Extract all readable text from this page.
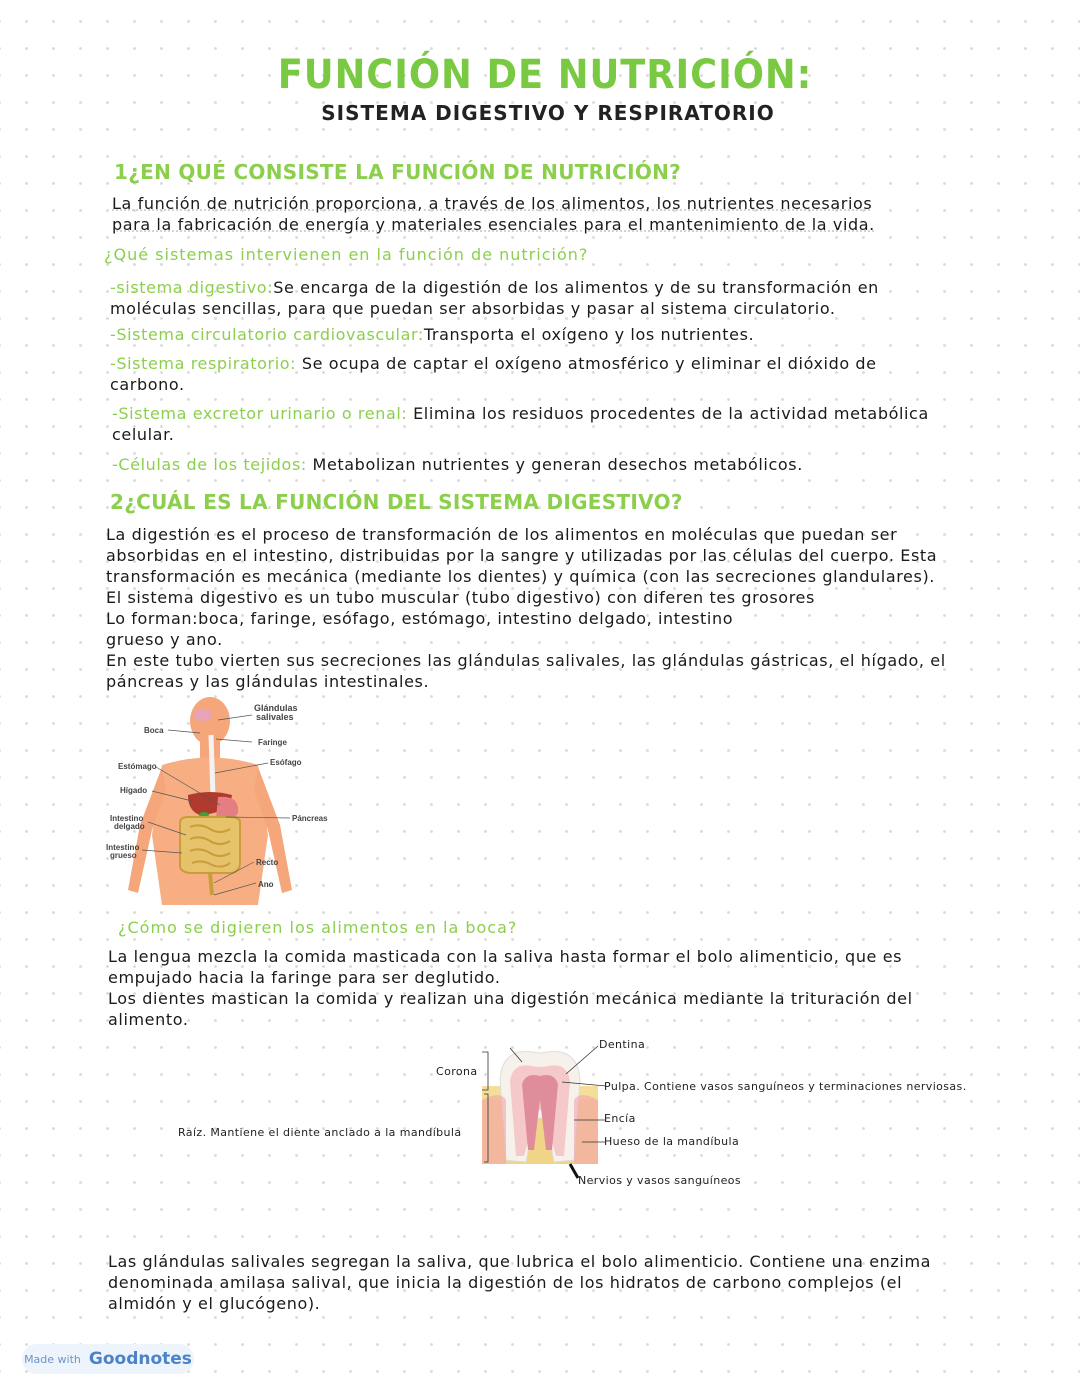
FUNCIÓN DE NUTRICIÓN:
SISTEMA DIGESTIVO Y RESPIRATORIO
1¿EN QUÉ CONSISTE LA FUNCIÓN DE NUTRICIÓN?
La función de nutrición proporciona, a través de los alimentos, los nutrientes necesarios
para la fabricación de energía y materiales esenciales para el mantenimiento de la vida.
¿Qué sistemas intervienen en la función de nutrición?
-sistema digestivo:Se encarga de la digestión de los alimentos y de su transformación en
moléculas sencillas, para que puedan ser absorbidas y pasar al sistema circulatorio.
-Sistema circulatorio cardiovascular:Transporta el oxígeno y los nutrientes.
-Sistema respiratorio: Se ocupa de captar el oxígeno atmosférico y eliminar el dióxido de
carbono.
-Sistema excretor urinario o renal: Elimina los residuos procedentes de la actividad metabólica
celular.
-Células de los tejidos: Metabolizan nutrientes y generan desechos metabólicos.
2¿CUÁL ES LA FUNCIÓN DEL SISTEMA DIGESTIVO?
La digestión es el proceso de transformación de los alimentos en moléculas que puedan ser
absorbidas en el intestino, distribuidas por la sangre y utilizadas por las células del cuerpo. Esta
transformación es mecánica (mediante los dientes) y química (con las secreciones glandulares).
El sistema digestivo es un tubo muscular (tubo digestivo) con diferen tes grosores
Lo forman:boca, faringe, esófago, estómago, intestino delgado, intestino
grueso y ano.
En este tubo vierten sus secreciones las glándulas salivales, las glándulas gástricas, el hígado, el
páncreas y las glándulas intestinales.
Glándulas salivales
Boca
Faringe
Esófago
Estómago
Hígado
Páncreas
Intestino delgado
Intestino grueso
Recto
Ano
¿Cómo se digieren los alimentos en la boca?
La lengua mezcla la comida masticada con la saliva hasta formar el bolo alimenticio, que es
empujado hacia la faringe para ser deglutido.
Los dientes mastican la comida y realizan una digestión mecánica mediante la trituración del
alimento.
Dentina
Corona
Pulpa. Contiene vasos sanguíneos y terminaciones nerviosas.
Encía
Raíz. Mantiene el diente anclado a la mandíbula
Hueso de la mandíbula
Nervios y vasos sanguíneos
Las glándulas salivales segregan la saliva, que lubrica el bolo alimenticio. Contiene una enzima
denominada amilasa salival, que inicia la digestión de los hidratos de carbono complejos (el
almidón y el glucógeno).
Made with Goodnotes
